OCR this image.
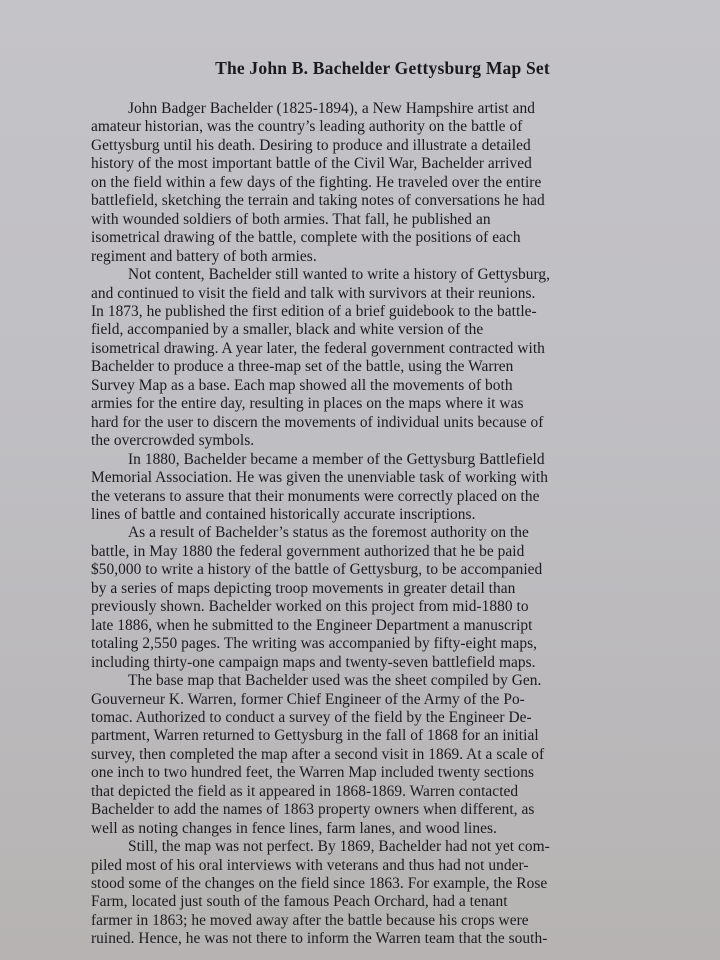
The John B. Bachelder Gettysburg Map Set
John Badger Bachelder (1825-1894), a New Hampshire artist and
amateur historian, was the country’s leading authority on the battle of
Gettysburg until his death. Desiring to produce and illustrate a detailed
history of the most important battle of the Civil War, Bachelder arrived
on the field within a few days of the fighting. He traveled over the entire
battlefield, sketching the terrain and taking notes of conversations he had
with wounded soldiers of both armies. That fall, he published an
isometrical drawing of the battle, complete with the positions of each
regiment and battery of both armies.
Not content, Bachelder still wanted to write a history of Gettysburg,
and continued to visit the field and talk with survivors at their reunions.
In 1873, he published the first edition of a brief guidebook to the battle-
field, accompanied by a smaller, black and white version of the
isometrical drawing. A year later, the federal government contracted with
Bachelder to produce a three-map set of the battle, using the Warren
Survey Map as a base. Each map showed all the movements of both
armies for the entire day, resulting in places on the maps where it was
hard for the user to discern the movements of individual units because of
the overcrowded symbols.
In 1880, Bachelder became a member of the Gettysburg Battlefield
Memorial Association. He was given the unenviable task of working with
the veterans to assure that their monuments were correctly placed on the
lines of battle and contained historically accurate inscriptions.
As a result of Bachelder’s status as the foremost authority on the
battle, in May 1880 the federal government authorized that he be paid
$50,000 to write a history of the battle of Gettysburg, to be accompanied
by a series of maps depicting troop movements in greater detail than
previously shown. Bachelder worked on this project from mid-1880 to
late 1886, when he submitted to the Engineer Department a manuscript
totaling 2,550 pages. The writing was accompanied by fifty-eight maps,
including thirty-one campaign maps and twenty-seven battlefield maps.
The base map that Bachelder used was the sheet compiled by Gen.
Gouverneur K. Warren, former Chief Engineer of the Army of the Po-
tomac. Authorized to conduct a survey of the field by the Engineer De-
partment, Warren returned to Gettysburg in the fall of 1868 for an initial
survey, then completed the map after a second visit in 1869. At a scale of
one inch to two hundred feet, the Warren Map included twenty sections
that depicted the field as it appeared in 1868-1869. Warren contacted
Bachelder to add the names of 1863 property owners when different, as
well as noting changes in fence lines, farm lanes, and wood lines.
Still, the map was not perfect. By 1869, Bachelder had not yet com-
piled most of his oral interviews with veterans and thus had not under-
stood some of the changes on the field since 1863. For example, the Rose
Farm, located just south of the famous Peach Orchard, had a tenant
farmer in 1863; he moved away after the battle because his crops were
ruined. Hence, he was not there to inform the Warren team that the south-
